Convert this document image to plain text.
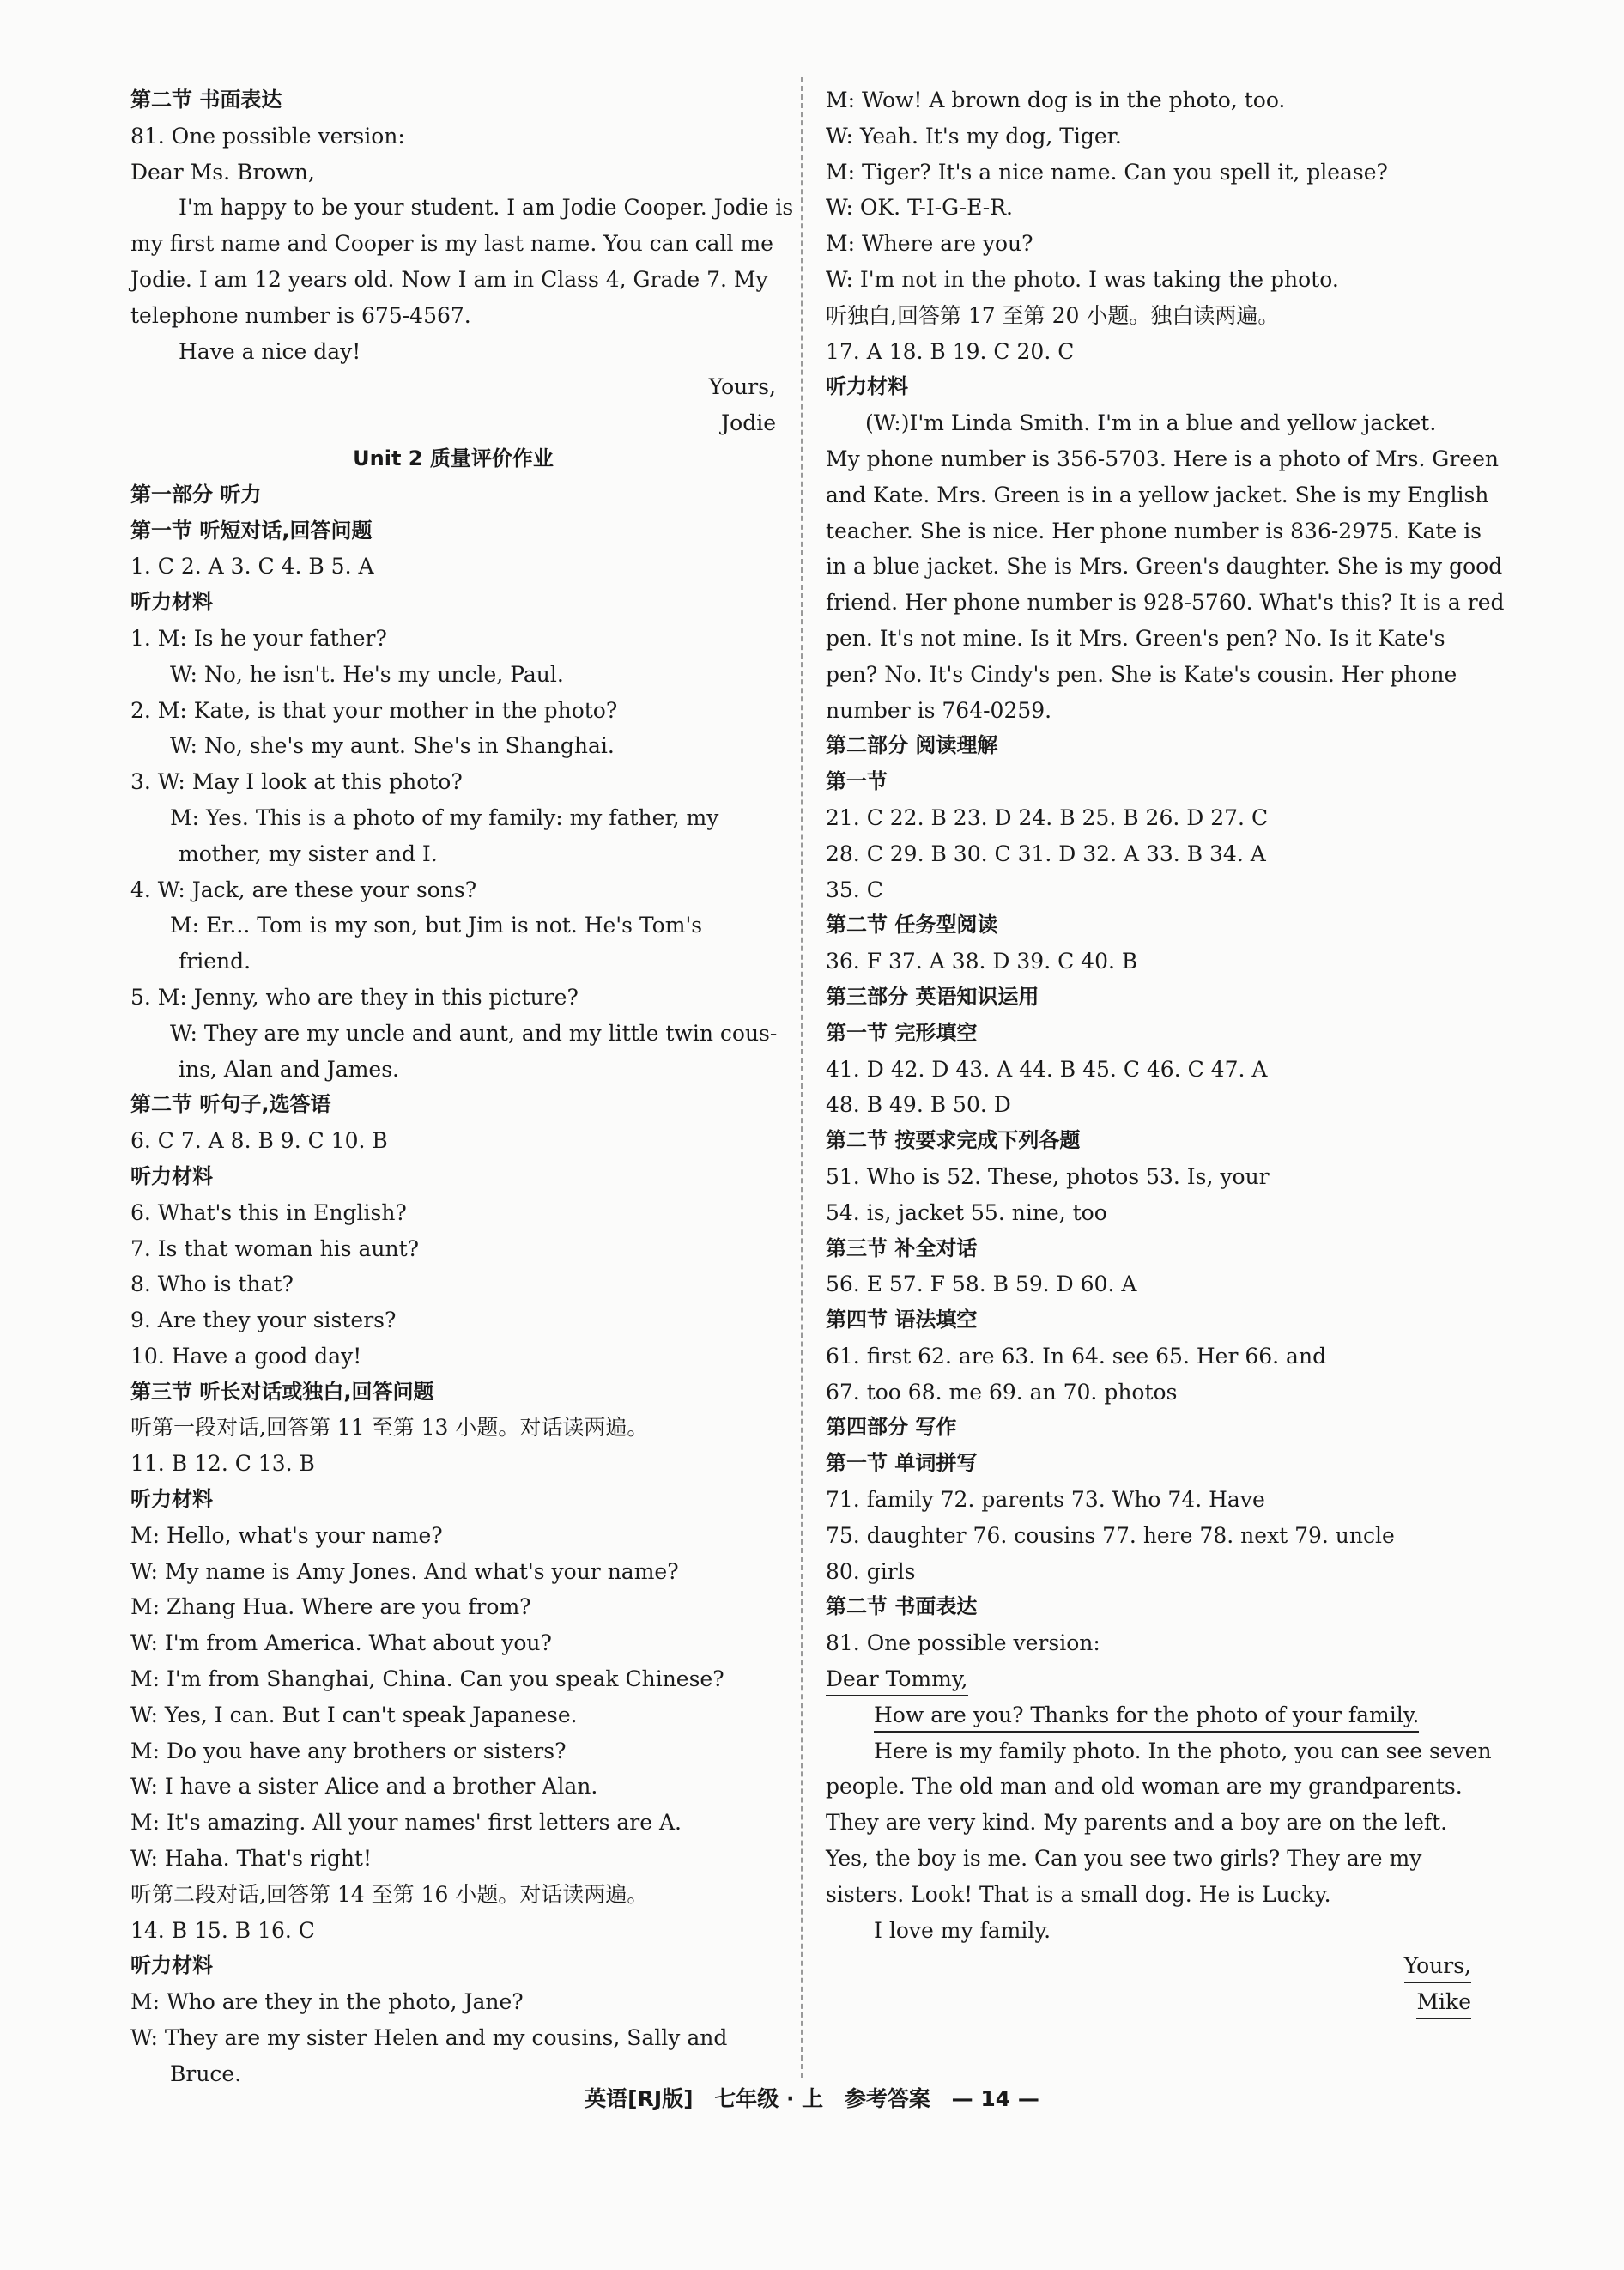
第二节 书面表达
81. One possible version:
Dear Ms. Brown,
I'm happy to be your student. I am Jodie Cooper. Jodie is
my first name and Cooper is my last name. You can call me
Jodie. I am 12 years old. Now I am in Class 4, Grade 7. My
telephone number is 675-4567.
Have a nice day!
Yours,
Jodie
Unit 2 质量评价作业
第一部分 听力
第一节 听短对话,回答问题
1. C 2. A 3. C 4. B 5. A
听力材料
1. M: Is he your father?
W: No, he isn't. He's my uncle, Paul.
2. M: Kate, is that your mother in the photo?
W: No, she's my aunt. She's in Shanghai.
3. W: May I look at this photo?
M: Yes. This is a photo of my family: my father, my
mother, my sister and I.
4. W: Jack, are these your sons?
M: Er... Tom is my son, but Jim is not. He's Tom's
friend.
5. M: Jenny, who are they in this picture?
W: They are my uncle and aunt, and my little twin cous-
ins, Alan and James.
第二节 听句子,选答语
6. C 7. A 8. B 9. C 10. B
听力材料
6. What's this in English?
7. Is that woman his aunt?
8. Who is that?
9. Are they your sisters?
10. Have a good day!
第三节 听长对话或独白,回答问题
听第一段对话,回答第 11 至第 13 小题。对话读两遍。
11. B 12. C 13. B
听力材料
M: Hello, what's your name?
W: My name is Amy Jones. And what's your name?
M: Zhang Hua. Where are you from?
W: I'm from America. What about you?
M: I'm from Shanghai, China. Can you speak Chinese?
W: Yes, I can. But I can't speak Japanese.
M: Do you have any brothers or sisters?
W: I have a sister Alice and a brother Alan.
M: It's amazing. All your names' first letters are A.
W: Haha. That's right!
听第二段对话,回答第 14 至第 16 小题。对话读两遍。
14. B 15. B 16. C
听力材料
M: Who are they in the photo, Jane?
W: They are my sister Helen and my cousins, Sally and
Bruce.
M: Wow! A brown dog is in the photo, too.
W: Yeah. It's my dog, Tiger.
M: Tiger? It's a nice name. Can you spell it, please?
W: OK. T-I-G-E-R.
M: Where are you?
W: I'm not in the photo. I was taking the photo.
听独白,回答第 17 至第 20 小题。独白读两遍。
17. A 18. B 19. C 20. C
听力材料
(W:)I'm Linda Smith. I'm in a blue and yellow jacket.
My phone number is 356-5703. Here is a photo of Mrs. Green
and Kate. Mrs. Green is in a yellow jacket. She is my English
teacher. She is nice. Her phone number is 836-2975. Kate is
in a blue jacket. She is Mrs. Green's daughter. She is my good
friend. Her phone number is 928-5760. What's this? It is a red
pen. It's not mine. Is it Mrs. Green's pen? No. Is it Kate's
pen? No. It's Cindy's pen. She is Kate's cousin. Her phone
number is 764-0259.
第二部分 阅读理解
第一节
21. C 22. B 23. D 24. B 25. B 26. D 27. C
28. C 29. B 30. C 31. D 32. A 33. B 34. A
35. C
第二节 任务型阅读
36. F 37. A 38. D 39. C 40. B
第三部分 英语知识运用
第一节 完形填空
41. D 42. D 43. A 44. B 45. C 46. C 47. A
48. B 49. B 50. D
第二节 按要求完成下列各题
51. Who is 52. These, photos 53. Is, your
54. is, jacket 55. nine, too
第三节 补全对话
56. E 57. F 58. B 59. D 60. A
第四节 语法填空
61. first 62. are 63. In 64. see 65. Her 66. and
67. too 68. me 69. an 70. photos
第四部分 写作
第一节 单词拼写
71. family 72. parents 73. Who 74. Have
75. daughter 76. cousins 77. here 78. next 79. uncle
80. girls
第二节 书面表达
81. One possible version:
Dear Tommy,
How are you? Thanks for the photo of your family.
Here is my family photo. In the photo, you can see seven
people. The old man and old woman are my grandparents.
They are very kind. My parents and a boy are on the left.
Yes, the boy is me. Can you see two girls? They are my
sisters. Look! That is a small dog. He is Lucky.
I love my family.
Yours,
Mike
英语[RJ版] 七年级 · 上 参考答案 — 14 —
